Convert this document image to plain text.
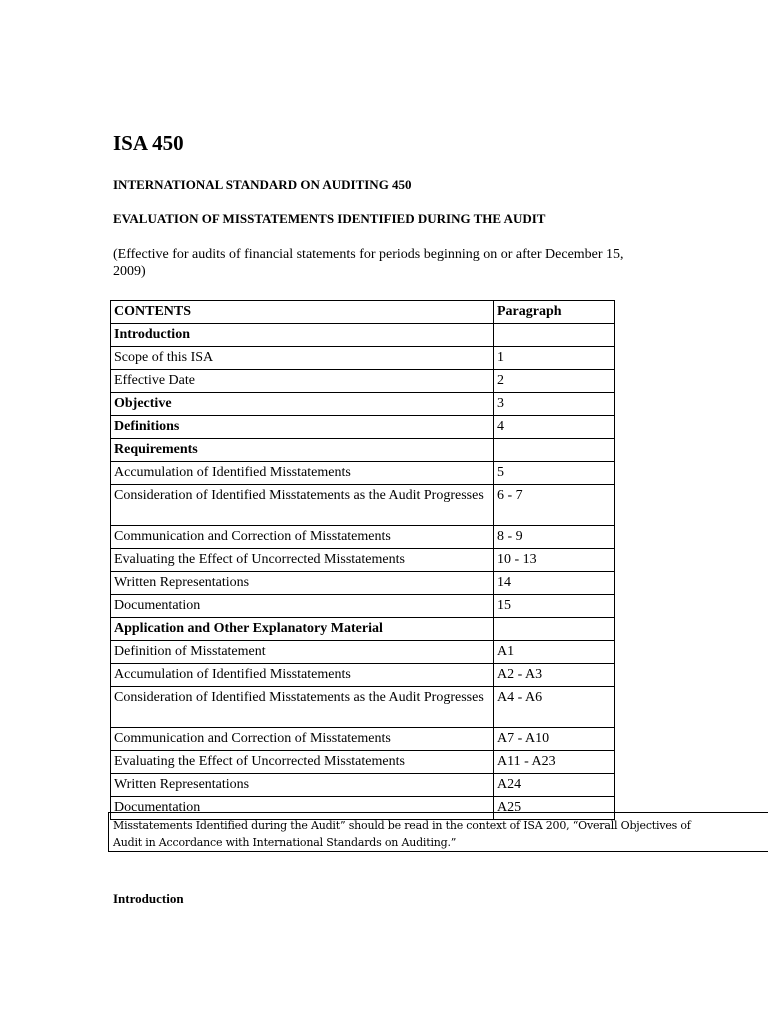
ISA 450
INTERNATIONAL STANDARD ON AUDITING 450
EVALUATION OF MISSTATEMENTS IDENTIFIED DURING THE AUDIT

(Effective for audits of financial statements for periods beginning on or after December 15, 2009)

CONTENTS	Paragraph
Introduction	
Scope of this ISA	1
Effective Date	2
Objective	3
Definitions	4
Requirements	
Accumulation of Identified Misstatements	5
Consideration of Identified Misstatements as the Audit Progresses	6 - 7
Communication and Correction of Misstatements	8 - 9
Evaluating the Effect of Uncorrected Misstatements	10 - 13
Written Representations	14
Documentation	15
Application and Other Explanatory Material	
Definition of Misstatement	A1
Accumulation of Identified Misstatements	A2 - A3
Consideration of Identified Misstatements as the Audit Progresses	A4 - A6
Communication and Correction of Misstatements	A7 - A10
Evaluating the Effect of Uncorrected Misstatements	A11 - A23
Written Representations	A24
Documentation	A25
Misstatements Identified during the Audit” should be read in the context of ISA 200, “Overall Objectives of
Audit in Accordance with International Standards on Auditing.”
Introduction
